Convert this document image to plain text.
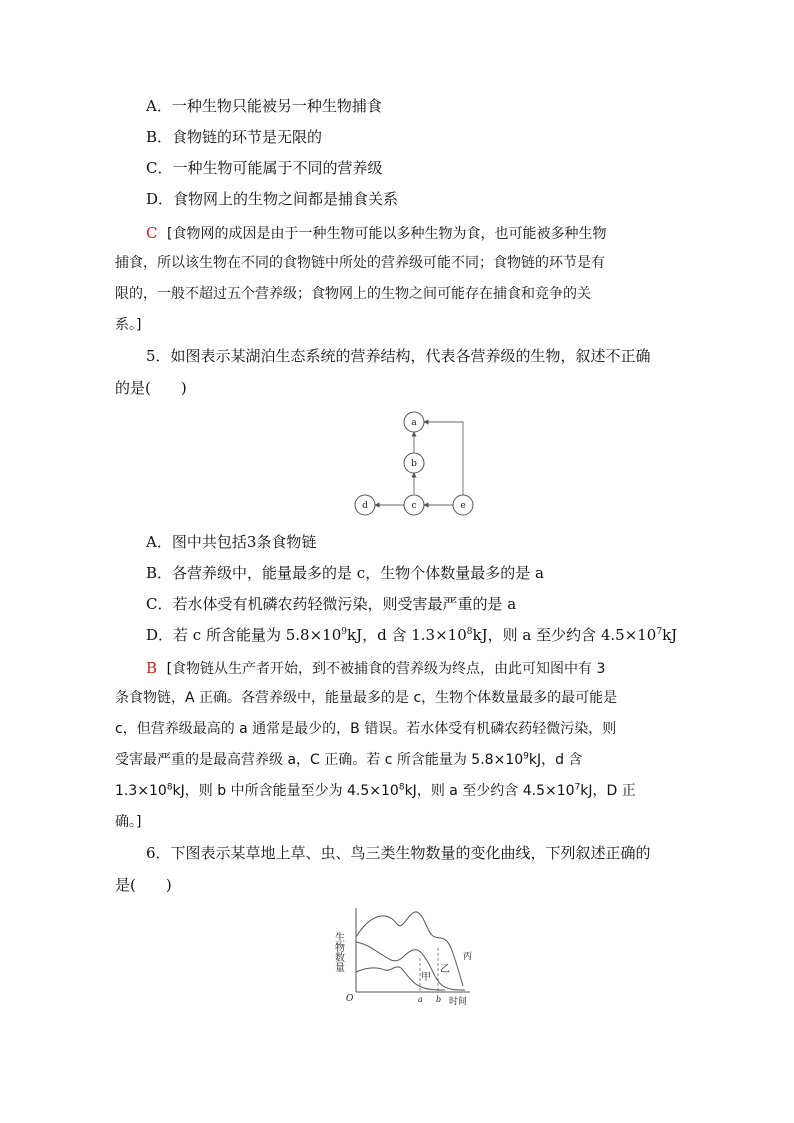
A．一种生物只能被另一种生物捕食
B．食物链的环节是无限的
C．一种生物可能属于不同的营养级
D．食物网上的生物之间都是捕食关系
C [食物网的成因是由于一种生物可能以多种生物为食，也可能被多种生物
捕食，所以该生物在不同的食物链中所处的营养级可能不同；食物链的环节是有
限的，一般不超过五个营养级；食物网上的生物之间可能存在捕食和竞争的关
系。]
5．如图表示某湖泊生态系统的营养结构，代表各营养级的生物，叙述不正确
的是(　　)
a
b
c
d	e
A．图中共包括3条食物链
B．各营养级中，能量最多的是 c，生物个体数量最多的是 a
C．若水体受有机磷农药轻微污染，则受害最严重的是 a
D．若 c 所含能量为 $5.8\times 10^9kJ$，d 含 $1.3\times 10^8kJ$，则 a 至少约含 $4.5\times 10^7kJ$
B [食物链从生产者开始，到不被捕食的营养级为终点，由此可知图中有 3
条食物链，A 正确。各营养级中，能量最多的是 c，生物个体数量最多的最可能是
c，但营养级最高的 a 通常是最少的，B 错误。若水体受有机磷农药轻微污染，则
受害最严重的是最高营养级 a，C 正确。若 c 所含能量为 $5.8\times 10^9kJ$，d 含
$1.3\times 10^8kJ$，则 b 中所含能量至少为 $4.5\times 10^8kJ$，则 a 至少约含 $4.5\times 10^7kJ$，D 正
确。]
6．下图表示某草地上草、虫、鸟三类生物数量的变化曲线，下列叙述正确的
是(　　)
生物数量
O	a b 时间
甲
乙
丙
